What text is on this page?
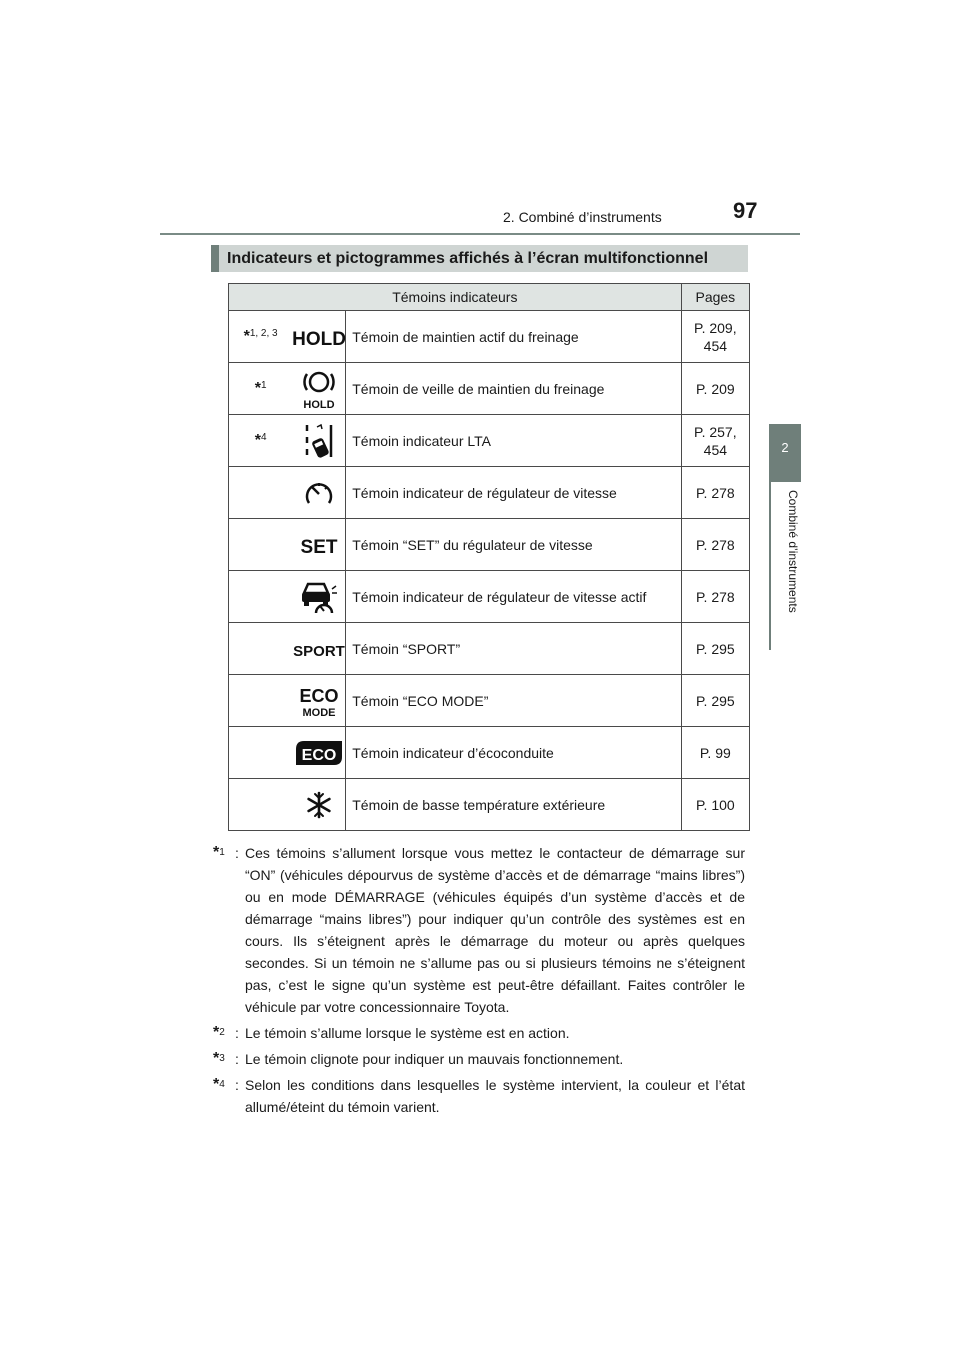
2. Combiné d’instruments	97
2
Combiné d’instruments
Indicateurs et pictogrammes affichés à l’écran multifonctionnel
Témoins indicateurs			Pages
*$^{1, 2, 3}$	HOLD	Témoin de maintien actif du freinage	P. 209,
454
*$^1$	HOLD	Témoin de veille de maintien du freinage	P. 209
*$^4$		Témoin indicateur LTA	P. 257,
454

	Témoin indicateur de régulateur de vitesse	P. 278

SET	Témoin “SET” du régulateur de vitesse	P. 278

	Témoin indicateur de régulateur de vitesse actif	P. 278

SPORT	Témoin “SPORT”	P. 295

ECO
MODE	Témoin “ECO MODE”	P. 295

ECO	Témoin indicateur d’écoconduite	P. 99

	Témoin de basse température extérieure	P. 100
*$^1$ : Ces témoins s’allument lorsque vous mettez le contacteur de démarrage sur “ON” (véhicules dépourvus de système d’accès et de démarrage “mains libres”) ou en mode DÉMARRAGE (véhicules équipés d’un système d’accès et de démarrage “mains libres”) pour indiquer qu’un contrôle des systèmes est en cours. Ils s’éteignent après le démarrage du moteur ou après quelques secondes. Si un témoin ne s’allume pas ou si plusieurs témoins ne s’éteignent pas, c’est le signe qu’un système est peut-être défaillant. Faites contrôler le véhicule par votre concessionnaire Toyota.
*$^2$ : Le témoin s’allume lorsque le système est en action.
*$^3$ : Le témoin clignote pour indiquer un mauvais fonctionnement.
*$^4$ : Selon les conditions dans lesquelles le système intervient, la couleur et l’état allumé/éteint du témoin varient.
